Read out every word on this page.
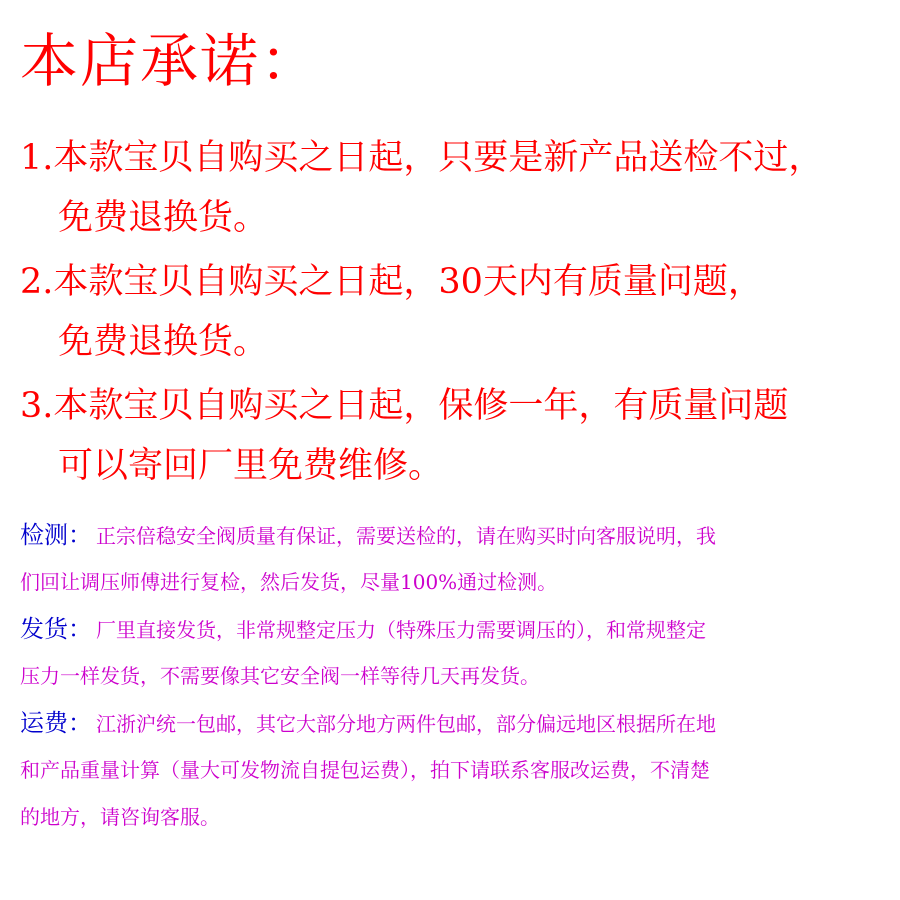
本店承诺：
1.本款宝贝自购买之日起，只要是新产品送检不过，
免费退换货。
2.本款宝贝自购买之日起，30天内有质量问题，
免费退换货。
3.本款宝贝自购买之日起，保修一年，有质量问题
可以寄回厂里免费维修。
检测： 正宗倍稳安全阀质量有保证，需要送检的，请在购买时向客服说明，我
们回让调压师傅进行复检，然后发货，尽量100%通过检测。
发货： 厂里直接发货，非常规整定压力（特殊压力需要调压的），和常规整定
压力一样发货，不需要像其它安全阀一样等待几天再发货。
运费： 江浙沪统一包邮，其它大部分地方两件包邮，部分偏远地区根据所在地
和产品重量计算（量大可发物流自提包运费），拍下请联系客服改运费，不清楚
的地方，请咨询客服。
